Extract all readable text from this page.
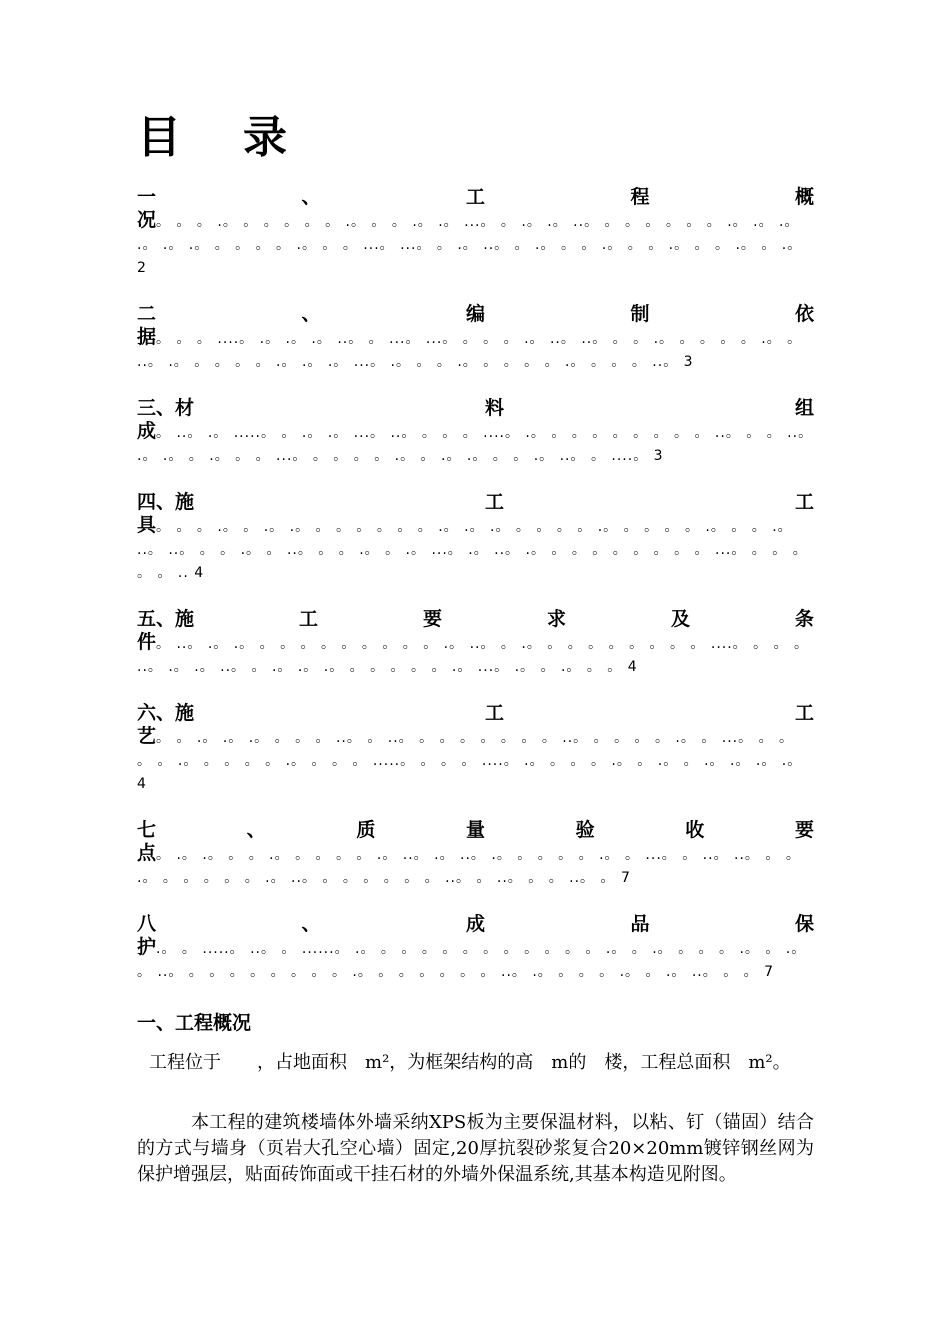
目录
一	、	工	程	概
况。 。 。 .。 。 。 。 。 。 .。 。 。 .。 .。 ...。 。 .。 .。 ..。 。 。 。 。 。 。 .。 .。 .。 .。 .。 .。 。 。 。 。 .。 。 。 ...。 ...。 。 .。 ..。 。 .。 。 。 .。 。 。 .。 。 。 .。 。 .。 2
二	、	编	制	依
据。 。 。 ....。 .。 .。 .。 ..。 。 ...。 ...。 。 。 。 .。 ..。 ..。 。 。 .。 。 。 。 。 .。 。 ..。 .。 。 。 。 。 .。 .。 .。 ...。 .。 。 。 .。 。 。 。 。 .。 。 。 。 ..。 3
三、材	料	组
成。 ..。 .。 .....。 。 .。 .。 ...。 ..。 。 。 。 ....。 .。 。 。 。 。 。 。 。 。 ..。 。 。 ..。 .。 .。 。 .。 。 。 ...。 。 。 。 。 .。 。 .。 .。 。 。 .。 ..。 。 ....。 3
四、施	工	工
具。 。 。 .。 。 .。 .。 。 。 。 。 。 。 .。 .。 .。 。 。 。 。 .。 。 。 。 。 .。 。 。 .。 ..。 ..。 。 。 .。 。 ..。 。 。 .。 。 .。 ...。 .。 ..。 .。 。 。 。 。 。 。 。 。 ...。 。 。 。 。 。 .. 4
五、施	工	要	求	及	条
件。 ..。 .。 .。 。 。 。 。 。 。 。 。 。 .。 ..。 。 .。 。 。 。 。 。 。 。 。 ....。 。 。 。 ..。 .。 .。 ..。 。 .。 .。 .。 。 。 。 。 。 .。 ...。 .。 。 .。 。 。 4
六、施	工	工
艺。 。 .。 .。 .。 。 。 。 ..。 。 ..。 。 。 。 。 。 。 。 ..。 。 。 。 。 .。 。 ...。 。 。 。 。 .。 。 。 。 。 .。 。 。 。 .....。 。 。 。 ....。 .。 。 。 。 .。 。 .。 。 .。 .。 .。 .。 4
七	、	质	量	验	收	要
点。 .。 .。 。 。 .。 。 。 。 。 .。 ..。 .。 ..。 .。 。 。 。 。 .。 。 ...。 。 ..。 ..。 。 。 .。 。 。 。 。 。 .。 ..。 。 。 。 。 。 。 ..。 。 ..。 。 。 ..。 。 7
八	、	成	品	保
护.。 。 .....。 ..。 。 ......。 .。 。 。 。 。 。 。 。 。 。 。 。 .。 。 .。 。 。 。 .。 。 .。 。 ..。 。 。 。 。 。 。 。 。 .。 。 。 。 。 。 。 ..。 .。 。 。 。 .。 。 .。 ..。 。 。 7
一、工程概况
工程位于　　，占地面积　m²，为框架结构的高　m的　楼，工程总面积　m²。
本工程的建筑楼墙体外墙采纳XPS板为主要保温材料，以粘、钉（锚固）结合的方式与墙身（页岩大孔空心墙）固定,20厚抗裂砂浆复合20×20mm镀锌钢丝网为保护增强层，贴面砖饰面或干挂石材的外墙外保温系统,其基本构造见附图。
